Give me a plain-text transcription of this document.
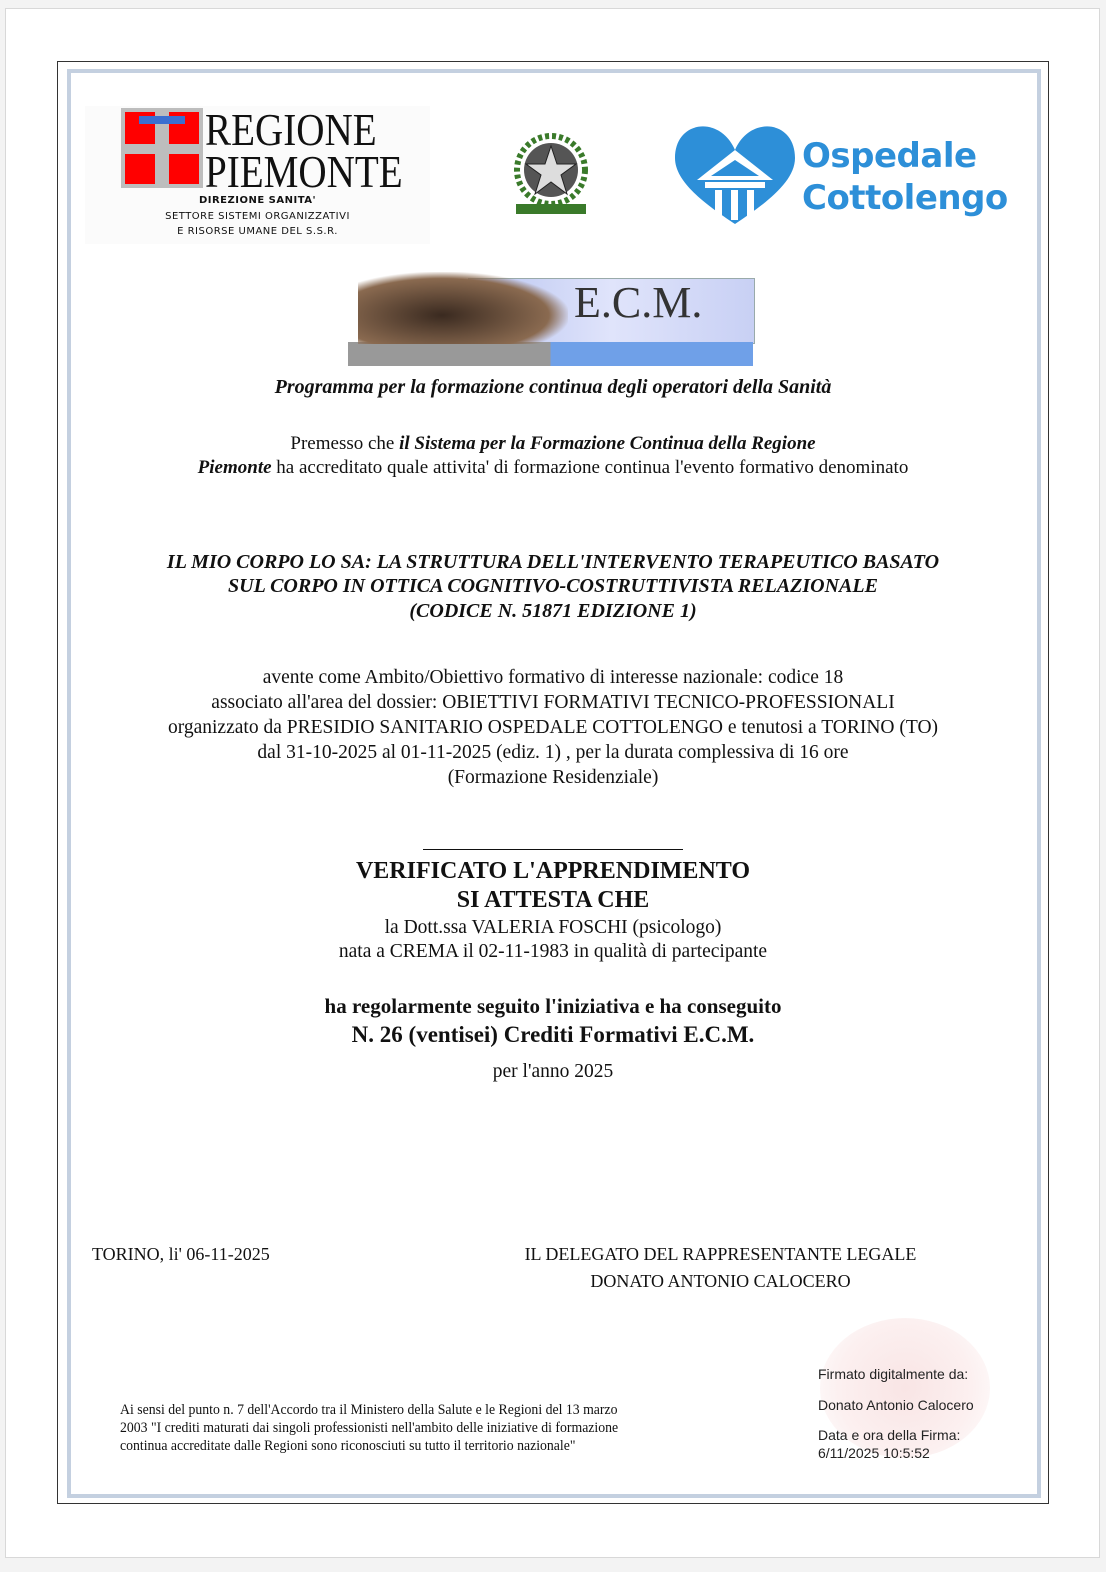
REGIONE
PIEMONTE
DIREZIONE SANITA'
SETTORE SISTEMI ORGANIZZATIVI
E RISORSE UMANE DEL S.S.R.
Ospedale
Cottolengo
E.C.M.
Programma per la formazione continua degli operatori della Sanità
Premesso che il Sistema per la Formazione Continua della Regione
Piemonte ha accreditato quale attivita' di formazione continua l'evento formativo denominato
IL MIO CORPO LO SA: LA STRUTTURA DELL'INTERVENTO TERAPEUTICO BASATO
SUL CORPO IN OTTICA COGNITIVO-COSTRUTTIVISTA RELAZIONALE
(CODICE N. 51871 EDIZIONE 1)
avente come Ambito/Obiettivo formativo di interesse nazionale: codice 18
associato all'area del dossier: OBIETTIVI FORMATIVI TECNICO-PROFESSIONALI
organizzato da PRESIDIO SANITARIO OSPEDALE COTTOLENGO e tenutosi a TORINO (TO)
dal 31-10-2025 al 01-11-2025 (ediz. 1) , per la durata complessiva di 16 ore
(Formazione Residenziale)
VERIFICATO L'APPRENDIMENTO
SI ATTESTA CHE
la Dott.ssa VALERIA FOSCHI (psicologo)
nata a CREMA il 02-11-1983 in qualità di partecipante
ha regolarmente seguito l'iniziativa e ha conseguito
N. 26 (ventisei) Crediti Formativi E.C.M.
per l'anno 2025
TORINO, li' 06-11-2025	IL DELEGATO DEL RAPPRESENTANTE LEGALE
DONATO ANTONIO CALOCERO
Firmato digitalmente da:
Donato Antonio Calocero
Data e ora della Firma:
6/11/2025 10:5:52
Ai sensi del punto n. 7 dell'Accordo tra il Ministero della Salute e le Regioni del 13 marzo
2003 "I crediti maturati dai singoli professionisti nell'ambito delle iniziative di formazione
continua accreditate dalle Regioni sono riconosciuti su tutto il territorio nazionale"
